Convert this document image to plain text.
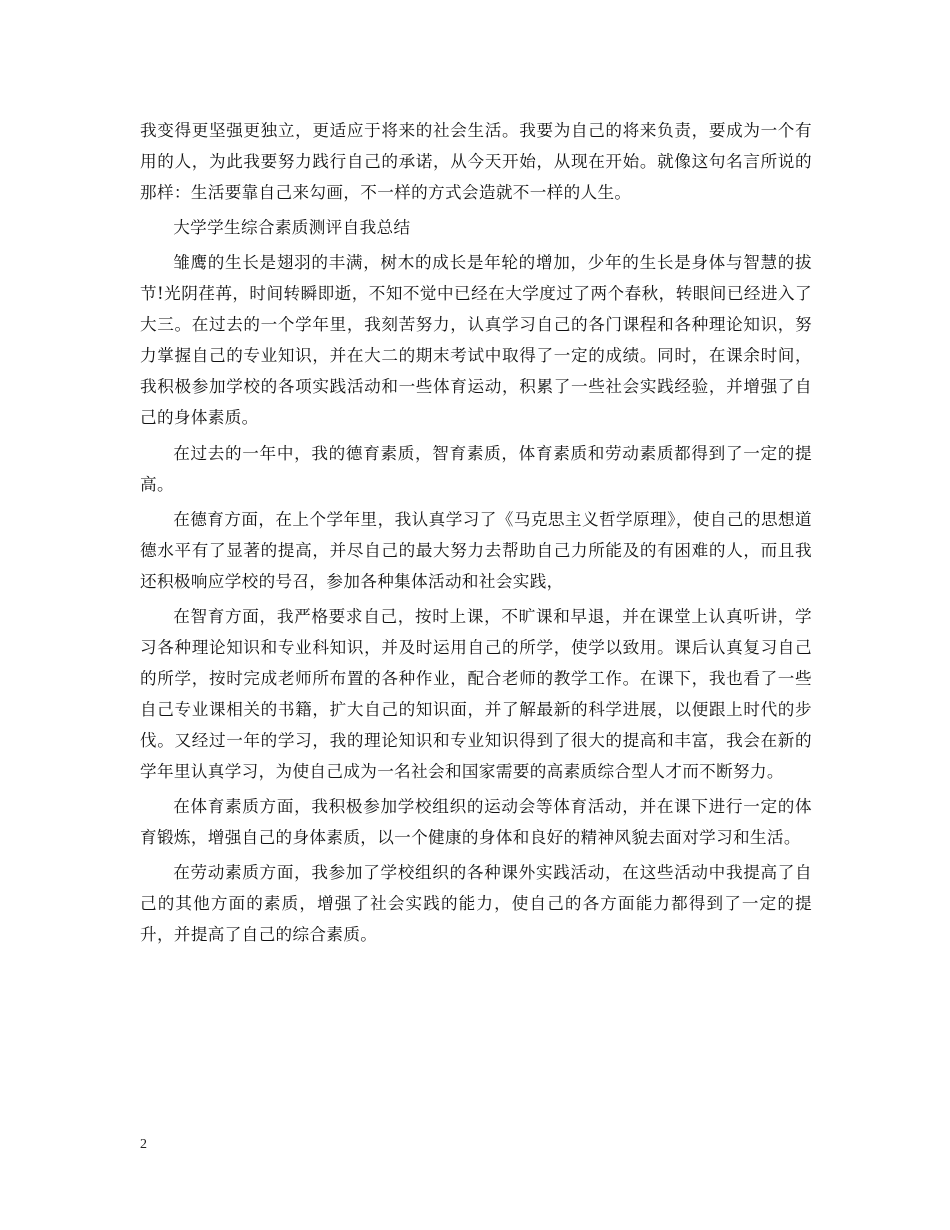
我变得更坚强更独立，更适应于将来的社会生活。我要为自己的将来负责，要成为一个有用的人，为此我要努力践行自己的承诺，从今天开始，从现在开始。就像这句名言所说的那样：生活要靠自己来勾画，不一样的方式会造就不一样的人生。

大学学生综合素质测评自我总结

雏鹰的生长是翅羽的丰满，树木的成长是年轮的增加，少年的生长是身体与智慧的拔节!光阴荏苒，时间转瞬即逝，不知不觉中已经在大学度过了两个春秋，转眼间已经进入了大三。在过去的一个学年里，我刻苦努力，认真学习自己的各门课程和各种理论知识，努力掌握自己的专业知识，并在大二的期末考试中取得了一定的成绩。同时，在课余时间，我积极参加学校的各项实践活动和一些体育运动，积累了一些社会实践经验，并增强了自己的身体素质。

在过去的一年中，我的德育素质，智育素质，体育素质和劳动素质都得到了一定的提高。

在德育方面，在上个学年里，我认真学习了《马克思主义哲学原理》，使自己的思想道德水平有了显著的提高，并尽自己的最大努力去帮助自己力所能及的有困难的人，而且我还积极响应学校的号召，参加各种集体活动和社会实践，

在智育方面，我严格要求自己，按时上课，不旷课和早退，并在课堂上认真听讲，学习各种理论知识和专业科知识，并及时运用自己的所学，使学以致用。课后认真复习自己的所学，按时完成老师所布置的各种作业，配合老师的教学工作。在课下，我也看了一些自己专业课相关的书籍，扩大自己的知识面，并了解最新的科学进展，以便跟上时代的步伐。又经过一年的学习，我的理论知识和专业知识得到了很大的提高和丰富，我会在新的学年里认真学习，为使自己成为一名社会和国家需要的高素质综合型人才而不断努力。

在体育素质方面，我积极参加学校组织的运动会等体育活动，并在课下进行一定的体育锻炼，增强自己的身体素质，以一个健康的身体和良好的精神风貌去面对学习和生活。

在劳动素质方面，我参加了学校组织的各种课外实践活动，在这些活动中我提高了自己的其他方面的素质，增强了社会实践的能力，使自己的各方面能力都得到了一定的提升，并提高了自己的综合素质。

2
